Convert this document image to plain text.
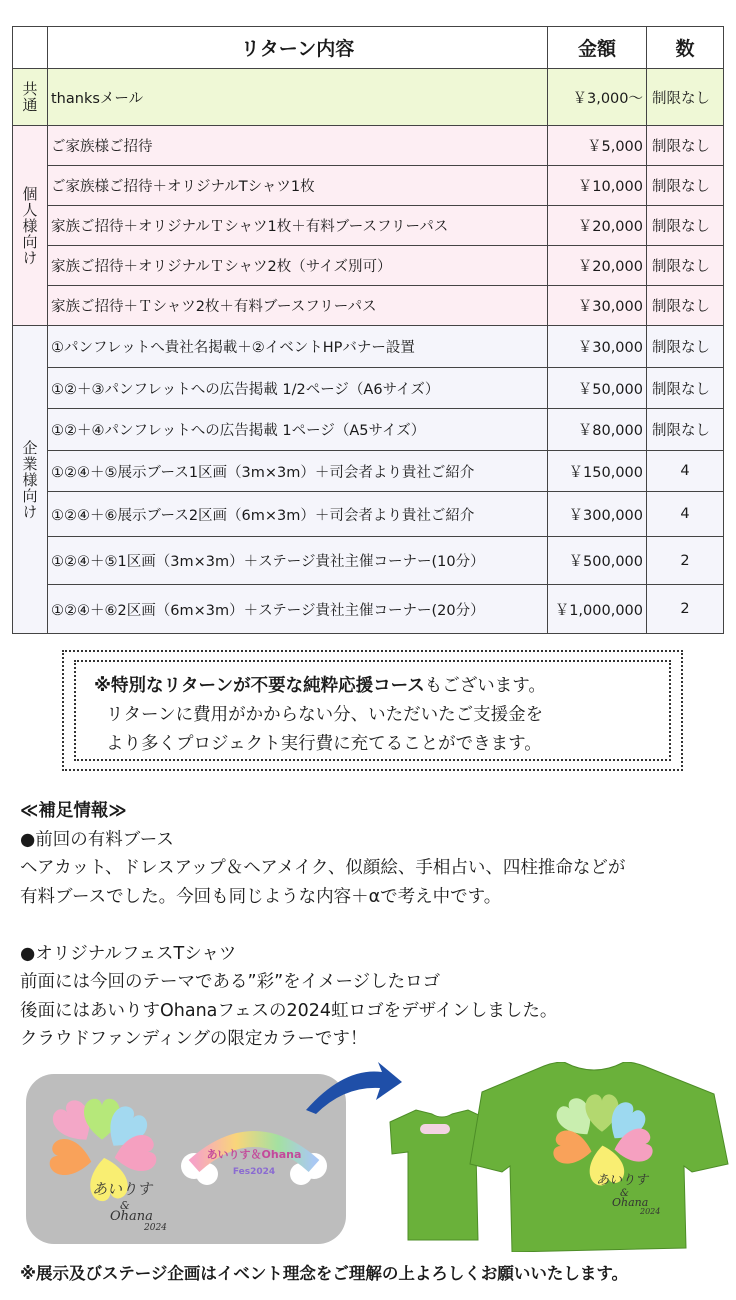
	リターン内容	金額	数
共通	thanksメール	￥3,000〜	制限なし
個人様向け	ご家族様ご招待	￥5,000	制限なし
	ご家族様ご招待＋オリジナルTシャツ1枚	￥10,000	制限なし
	家族ご招待＋オリジナルＴシャツ1枚＋有料ブースフリーパス	￥20,000	制限なし
	家族ご招待＋オリジナルＴシャツ2枚（サイズ別可）	￥20,000	制限なし
	家族ご招待＋Ｔシャツ2枚＋有料ブースフリーパス	￥30,000	制限なし
企業様向け	①パンフレットへ貴社名掲載＋②イベントHPバナー設置	￥30,000	制限なし
	①②＋③パンフレットへの広告掲載 1/2ページ（A6サイズ）	￥50,000	制限なし
	①②＋④パンフレットへの広告掲載 1ページ（A5サイズ）	￥80,000	制限なし
	①②④＋⑤展示ブース1区画（3m×3m）＋司会者より貴社ご紹介	￥150,000	4
	①②④＋⑥展示ブース2区画（6m×3m）＋司会者より貴社ご紹介	￥300,000	4
	①②④＋⑤1区画（3m×3m）＋ステージ貴社主催コーナー(10分）	￥500,000	2
	①②④＋⑥2区画（6m×3m）＋ステージ貴社主催コーナー(20分）	￥1,000,000	2
※特別なリターンが不要な純粋応援コースもございます。
リターンに費用がかからない分、いただいたご支援金を
より多くプロジェクト実行費に充てることができます。

≪補足情報≫

●前回の有料ブース

ヘアカット、ドレスアップ＆ヘアメイク、似顔絵、手相占い、四柱推命などが

有料ブースでした。今回も同じような内容＋αで考え中です。

●オリジナルフェスTシャツ

前面には今回のテーマである”彩”をイメージしたロゴ

後面にはあいりすOhanaフェスの2024虹ロゴをデザインしました。

クラウドファンディングの限定カラーです！

あいりす
&
Ohana
2024
あいりす＆Ohana
Fes2024
あいりす
&
Ohana
2024
※展示及びステージ企画はイベント理念をご理解の上よろしくお願いいたします。
